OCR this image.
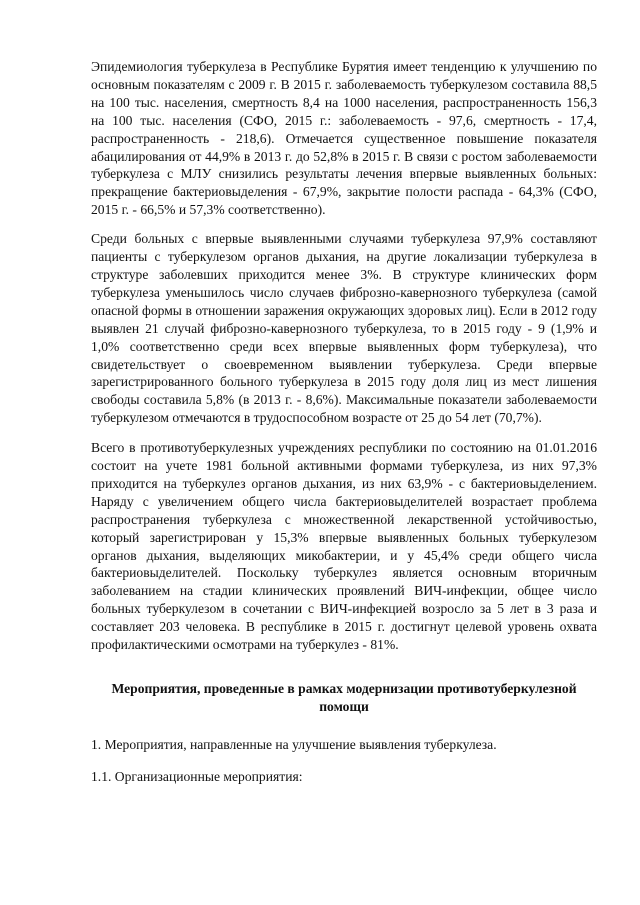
Эпидемиология туберкулеза в Республике Бурятия имеет тенденцию к улучшению по основным показателям с 2009 г. В 2015 г. заболеваемость туберкулезом составила 88,5 на 100 тыс. населения, смертность 8,4 на 1000 населения, распространенность 156,3 на 100 тыс. населения (СФО, 2015 г.: заболеваемость - 97,6, смертность - 17,4, распространенность - 218,6). Отмечается существенное повышение показателя абацилирования от 44,9% в 2013 г. до 52,8% в 2015 г. В связи с ростом заболеваемости туберкулеза с МЛУ снизились результаты лечения впервые выявленных больных: прекращение бактериовыделения - 67,9%, закрытие полости распада - 64,3% (СФО, 2015 г. - 66,5% и 57,3% соответственно).

Среди больных с впервые выявленными случаями туберкулеза 97,9% составляют пациенты с туберкулезом органов дыхания, на другие локализации туберкулеза в структуре заболевших приходится менее 3%. В структуре клинических форм туберкулеза уменьшилось число случаев фиброзно-кавернозного туберкулеза (самой опасной формы в отношении заражения окружающих здоровых лиц). Если в 2012 году выявлен 21 случай фиброзно-кавернозного туберкулеза, то в 2015 году - 9 (1,9% и 1,0% соответственно среди всех впервые выявленных форм туберкулеза), что свидетельствует о своевременном выявлении туберкулеза. Среди впервые зарегистрированного больного туберкулеза в 2015 году доля лиц из мест лишения свободы составила 5,8% (в 2013 г. - 8,6%). Максимальные показатели заболеваемости туберкулезом отмечаются в трудоспособном возрасте от 25 до 54 лет (70,7%).

Всего в противотуберкулезных учреждениях республики по состоянию на 01.01.2016 состоит на учете 1981 больной активными формами туберкулеза, из них 97,3% приходится на туберкулез органов дыхания, из них 63,9% - с бактериовыделением. Наряду с увеличением общего числа бактериовыделителей возрастает проблема распространения туберкулеза с множественной лекарственной устойчивостью, который зарегистрирован у 15,3% впервые выявленных больных туберкулезом органов дыхания, выделяющих микобактерии, и у 45,4% среди общего числа бактериовыделителей. Поскольку туберкулез является основным вторичным заболеванием на стадии клинических проявлений ВИЧ-инфекции, общее число больных туберкулезом в сочетании с ВИЧ-инфекцией возросло за 5 лет в 3 раза и составляет 203 человека. В республике в 2015 г. достигнут целевой уровень охвата профилактическими осмотрами на туберкулез - 81%.

Мероприятия, проведенные в рамках модернизации противотуберкулезной помощи

1. Мероприятия, направленные на улучшение выявления туберкулеза.

1.1. Организационные мероприятия:
